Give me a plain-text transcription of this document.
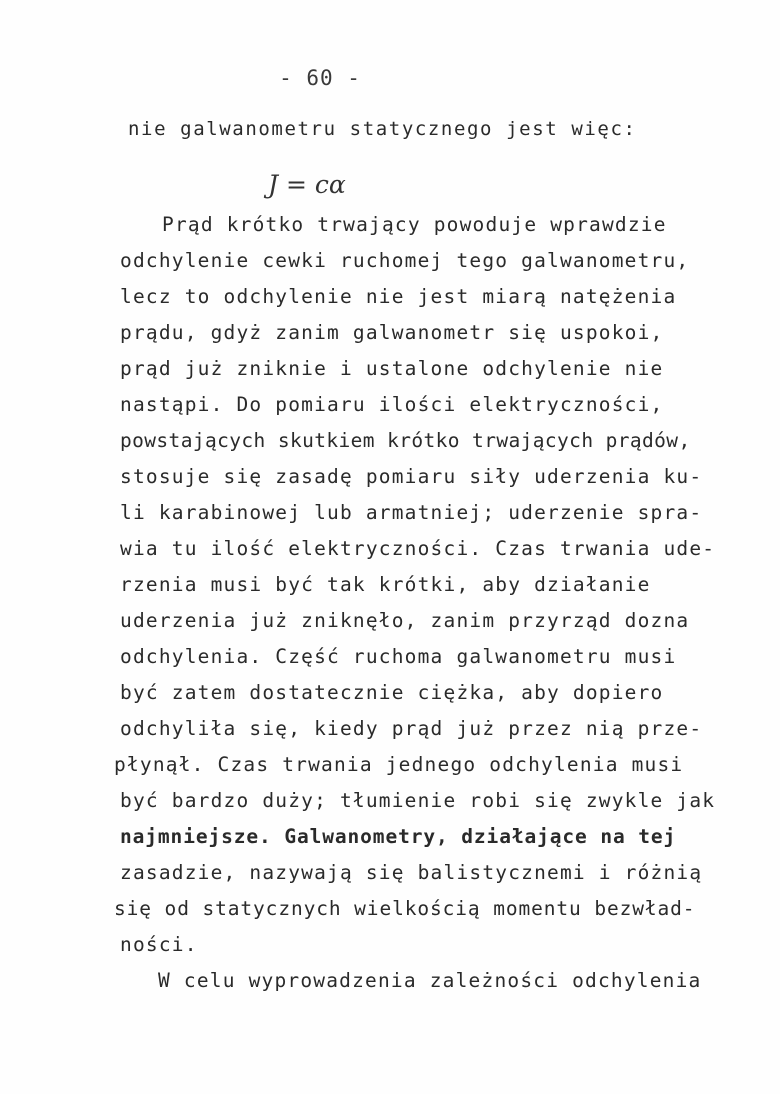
- 60 -
nie galwanometru statycznego jest więc:
J = cα
Prąd krótko trwający powoduje wprawdzie
odchylenie cewki ruchomej tego galwanometru,
lecz to odchylenie nie jest miarą natężenia
prądu, gdyż zanim galwanometr się uspokoi,
prąd już zniknie i ustalone odchylenie nie
nastąpi. Do pomiaru ilości elektryczności,
powstających skutkiem krótko trwających prądów,
stosuje się zasadę pomiaru siły uderzenia ku-
li karabinowej lub armatniej; uderzenie spra-
wia tu ilość elektryczności. Czas trwania ude-
rzenia musi być tak krótki, aby działanie
uderzenia już zniknęło, zanim przyrząd dozna
odchylenia. Część ruchoma galwanometru musi
być zatem dostatecznie ciężka, aby dopiero
odchyliła się, kiedy prąd już przez nią prze-
płynął. Czas trwania jednego odchylenia musi
być bardzo duży; tłumienie robi się zwykle jak
najmniejsze. Galwanometry, działające na tej
zasadzie, nazywają się balistycznemi i różnią
się od statycznych wielkością momentu bezwład-
ności.
W celu wyprowadzenia zależności odchylenia
